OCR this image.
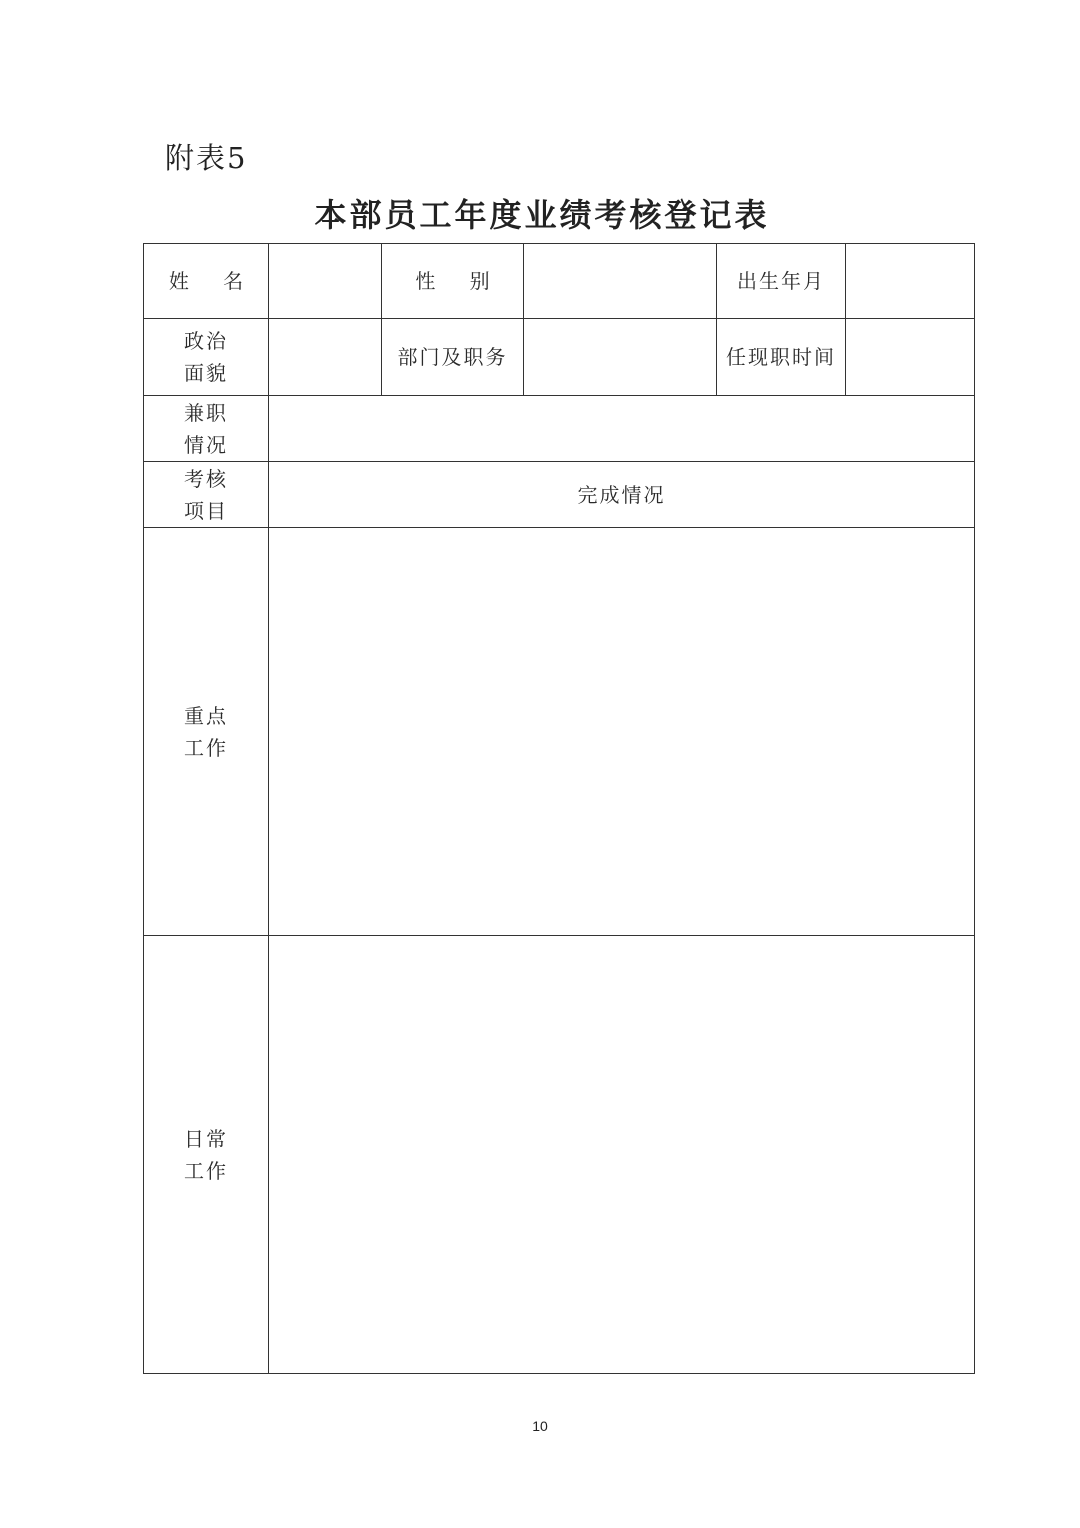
附表5
本部员工年度业绩考核登记表
姓 名		性 别		出生年月	
政治面貌		部门及职务		任现职时间	
兼职情况					
考核项目	完成情况				
重点工作					
日常工作					
10
